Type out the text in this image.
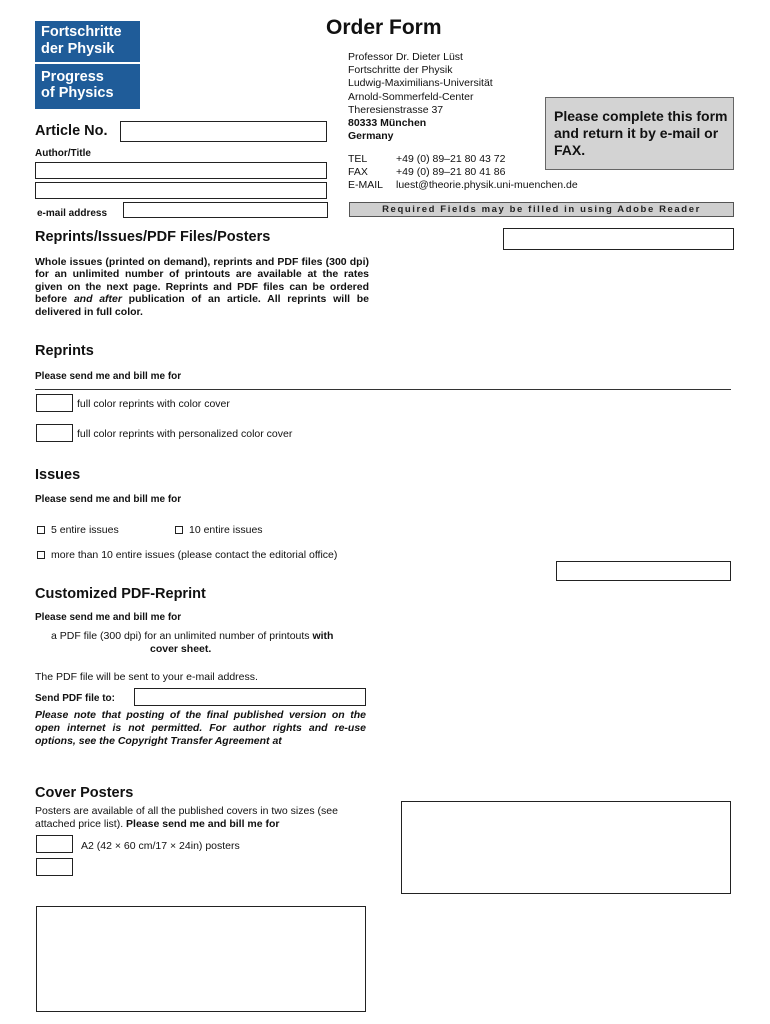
Fortschritte
der Physik
Progress
of Physics
Order Form
Professor Dr. Dieter Lüst
Fortschritte der Physik
Ludwig-Maximilians-Universität
Arnold-Sommerfeld-Center
Theresienstrasse 37
80333 München
Germany
TEL	+49 (0) 89–21 80 43 72
FAX	+49 (0) 89–21 80 41 86
E-MAIL luest@theorie.physik.uni-muenchen.de
Please complete this form and return it by e-mail or FAX.
Required Fields may be filled in using Adobe Reader
Article No.
Author/Title
e-mail address
Reprints/Issues/PDF Files/Posters
Whole issues (printed on demand), reprints and PDF files (300 dpi) for an unlimited number of printouts are available at the rates given on the next page. Reprints and PDF files can be ordered before and after publication of an article. All reprints will be delivered in full color.
Reprints
Please send me and bill me for
full color reprints with color cover
full color reprints with personalized color cover
Issues
Please send me and bill me for
5 entire issues	10 entire issues
more than 10 entire issues (please contact the editorial office)
Customized PDF-Reprint
Please send me and bill me for
a PDF file (300 dpi) for an unlimited number of printouts with
cover sheet.
The PDF file will be sent to your e-mail address.
Send PDF file to:
Please note that posting of the final published version on the open internet is not permitted. For author rights and re-use options, see the Copyright Transfer Agreement at
Cover Posters
Posters are available of all the published covers in two sizes (see attached price list). Please send me and bill me for
A2 (42 × 60 cm/17 × 24in) posters
